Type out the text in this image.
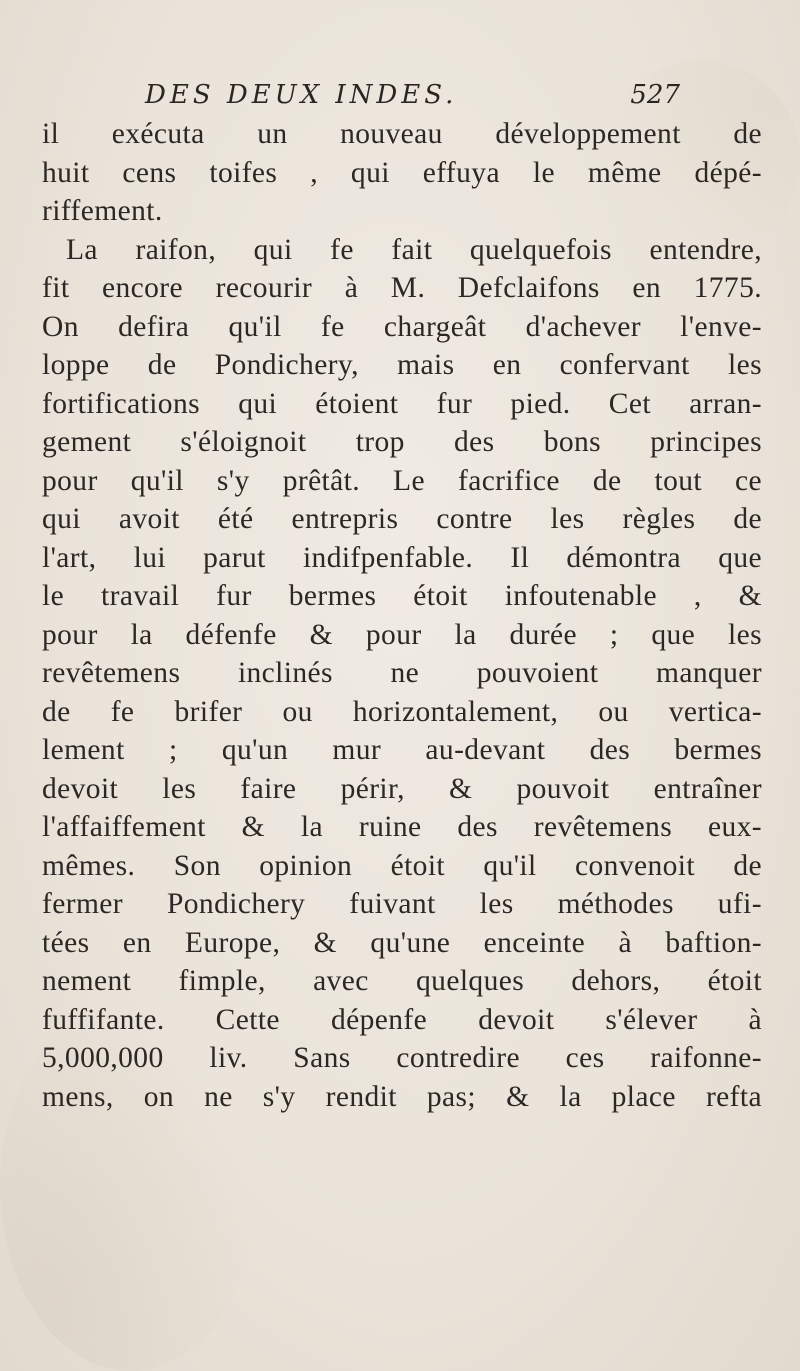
DES DEUX INDES.	527
il exécuta un nouveau développement de
huit cens toifes , qui effuya le même dépé-
riffement.
La raifon, qui fe fait quelquefois entendre,
fit encore recourir à M. Defclaifons en 1775.
On defira qu'il fe chargeât d'achever l'enve-
loppe de Pondichery, mais en confervant les
fortifications qui étoient fur pied. Cet arran-
gement s'éloignoit trop des bons principes
pour qu'il s'y prêtât. Le facrifice de tout ce
qui avoit été entrepris contre les règles de
l'art, lui parut indifpenfable. Il démontra que
le travail fur bermes étoit infoutenable , &
pour la défenfe & pour la durée ; que les
revêtemens inclinés ne pouvoient manquer
de fe brifer ou horizontalement, ou vertica-
lement ; qu'un mur au-devant des bermes
devoit les faire périr, & pouvoit entraîner
l'affaiffement & la ruine des revêtemens eux-
mêmes. Son opinion étoit qu'il convenoit de
fermer Pondichery fuivant les méthodes ufi-
tées en Europe, & qu'une enceinte à baftion-
nement fimple, avec quelques dehors, étoit
fuffifante. Cette dépenfe devoit s'élever à
5,000,000 liv. Sans contredire ces raifonne-
mens, on ne s'y rendit pas; & la place refta
